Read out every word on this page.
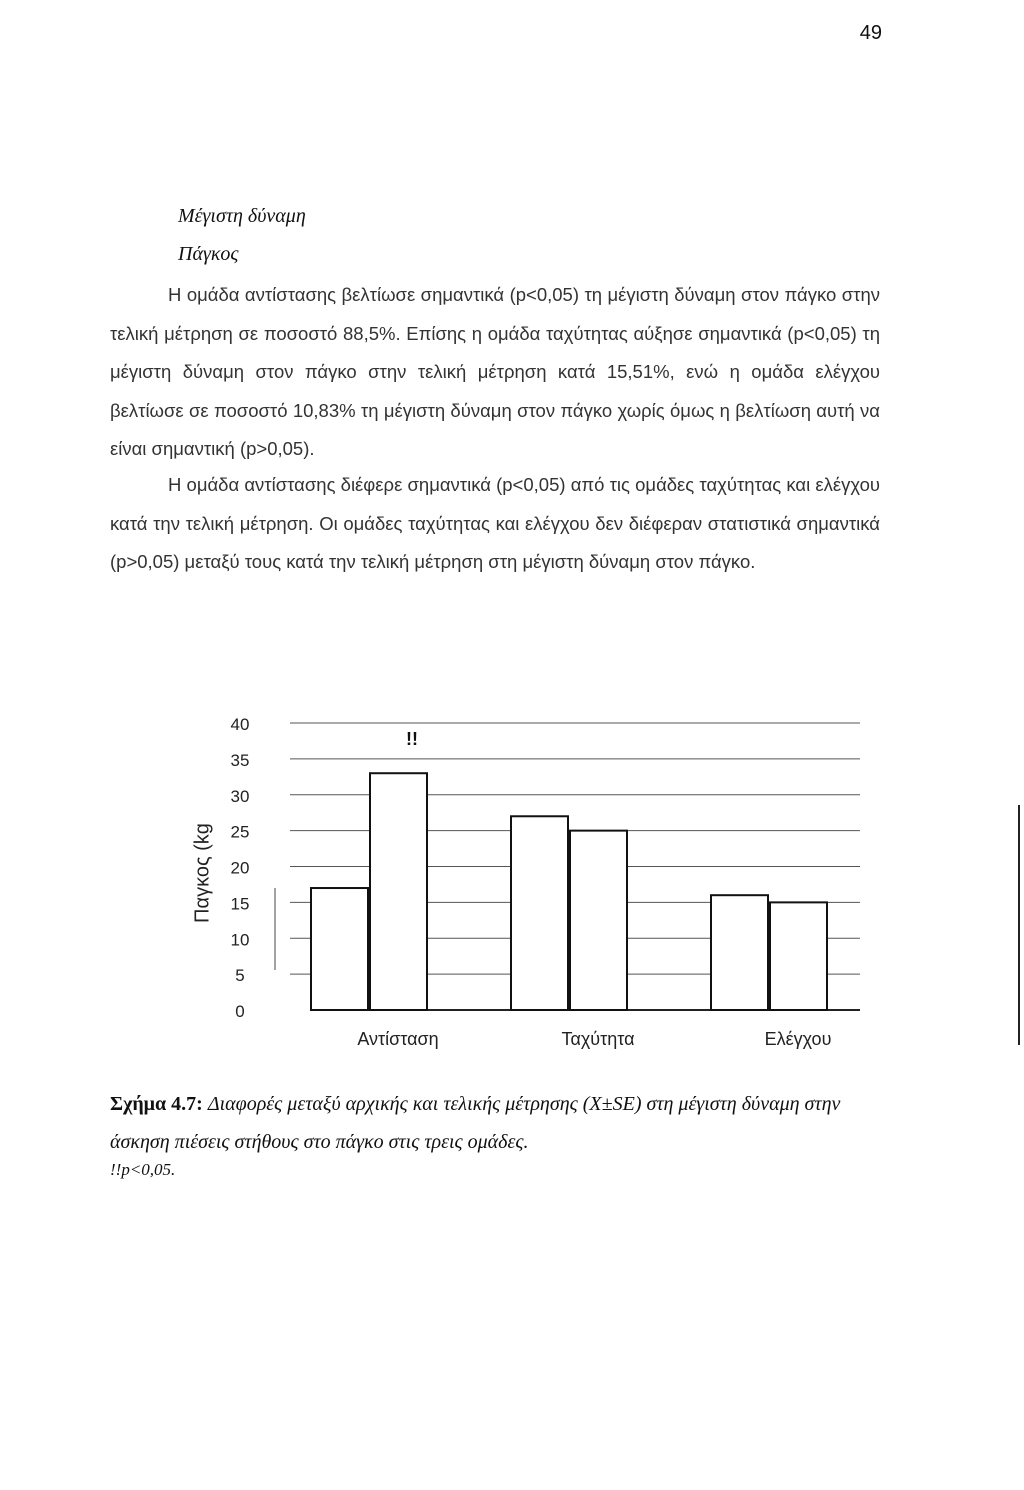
49
Μέγιστη δύναμη
Πάγκος

Η ομάδα αντίστασης βελτίωσε σημαντικά (p<0,05) τη μέγιστη δύναμη στον πάγκο στην τελική μέτρηση σε ποσοστό 88,5%. Επίσης η ομάδα ταχύτητας αύξησε σημαντικά (p<0,05) τη μέγιστη δύναμη στον πάγκο στην τελική μέτρηση κατά 15,51%, ενώ η ομάδα ελέγχου βελτίωσε σε ποσοστό 10,83% τη μέγιστη δύναμη στον πάγκο χωρίς όμως η βελτίωση αυτή να είναι σημαντική (p>0,05).

Η ομάδα αντίστασης διέφερε σημαντικά (p<0,05) από τις ομάδες ταχύτητας και ελέγχου κατά την τελική μέτρηση. Οι ομάδες ταχύτητας και ελέγχου δεν διέφεραν στατιστικά σημαντικά (p>0,05) μεταξύ τους κατά την τελική μέτρηση στη μέγιστη δύναμη στον πάγκο.

Παγκος (kg
0
5
10
15
20
25
30
35
40
Αντίσταση	Ταχύτητα	Ελέγχου
!!
Σχήμα 4.7: Διαφορές μεταξύ αρχικής και τελικής μέτρησης (X±SE) στη μέγιστη δύναμη στην άσκηση πιέσεις στήθους στο πάγκο στις τρεις ομάδες.
!!p<0,05.
